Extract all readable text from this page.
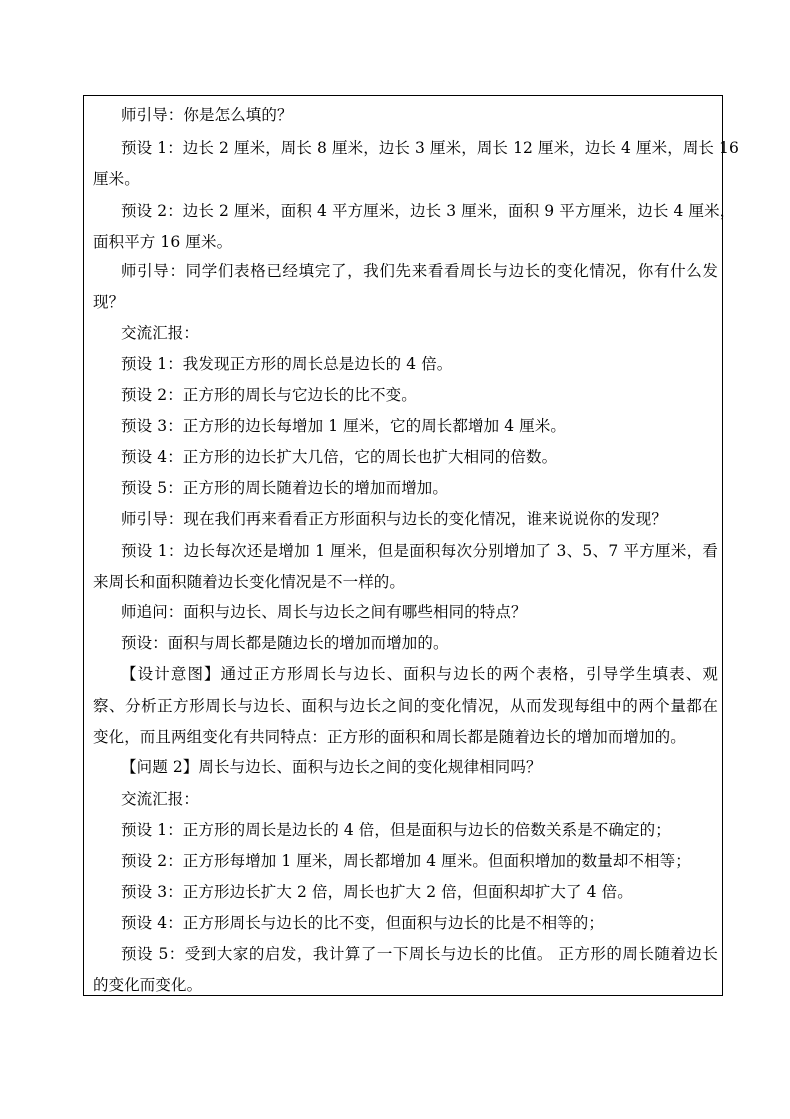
师引导：你是怎么填的？
预设 1：边长 2 厘米，周长 8 厘米，边长 3 厘米，周长 12 厘米，边长 4 厘米，周长 16
厘米。
预设 2：边长 2 厘米，面积 4 平方厘米，边长 3 厘米，面积 9 平方厘米，边长 4 厘米，
面积平方 16 厘米。
师引导：同学们表格已经填完了，我们先来看看周长与边长的变化情况，你有什么发
现？
交流汇报：
预设 1：我发现正方形的周长总是边长的 4 倍。
预设 2：正方形的周长与它边长的比不变。
预设 3：正方形的边长每增加 1 厘米，它的周长都增加 4 厘米。
预设 4：正方形的边长扩大几倍，它的周长也扩大相同的倍数。
预设 5：正方形的周长随着边长的增加而增加。
师引导：现在我们再来看看正方形面积与边长的变化情况，谁来说说你的发现？
预设 1：边长每次还是增加 1 厘米，但是面积每次分别增加了 3、5、7 平方厘米，看
来周长和面积随着边长变化情况是不一样的。
师追问：面积与边长、周长与边长之间有哪些相同的特点？
预设：面积与周长都是随边长的增加而增加的。
【设计意图】通过正方形周长与边长、面积与边长的两个表格，引导学生填表、观
察、分析正方形周长与边长、面积与边长之间的变化情况，从而发现每组中的两个量都在
变化，而且两组变化有共同特点：正方形的面积和周长都是随着边长的增加而增加的。
【问题 2】周长与边长、面积与边长之间的变化规律相同吗？
交流汇报：
预设 1：正方形的周长是边长的 4 倍，但是面积与边长的倍数关系是不确定的；
预设 2：正方形每增加 1 厘米，周长都增加 4 厘米。但面积增加的数量却不相等；
预设 3：正方形边长扩大 2 倍，周长也扩大 2 倍，但面积却扩大了 4 倍。
预设 4：正方形周长与边长的比不变，但面积与边长的比是不相等的；
预设 5：受到大家的启发，我计算了一下周长与边长的比值。 正方形的周长随着边长
的变化而变化。
